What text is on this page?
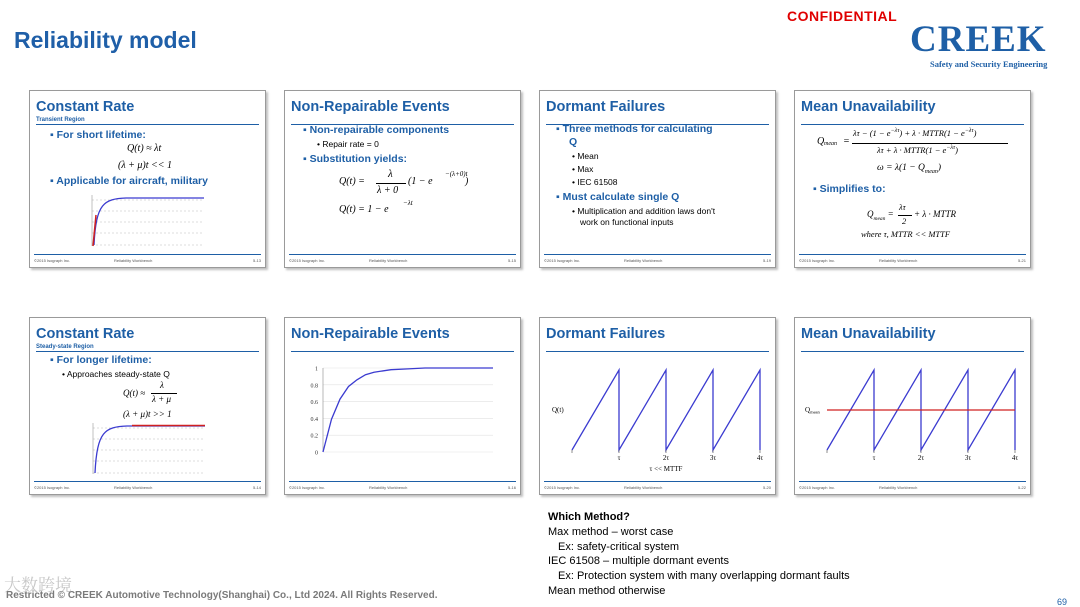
Reliability model
CONFIDENTIAL
CREEK
Safety and Security Engineering
Constant Rate
Transient Region
▪ For short lifetime:
Q(t) ≈ λt
(λ + μ)t << 1
▪ Applicable for aircraft, military
©2015 Isograph Inc.	Reliability Workbench	5-13
Non-Repairable Events
▪ Non-repairable components
• Repair rate = 0
▪ Substitution yields:
Q(t) =
λ
λ + 0
(1 − e
−(λ+0)t
)
Q(t) = 1 − e
−λt
©2015 Isograph Inc.	Reliability Workbench	5-15
Dormant Failures
▪ Three methods for calculating
Q
• Mean
• Max
• IEC 61508
▪ Must calculate single Q
• Multiplication and addition laws don't
work on functional inputs
©2015 Isograph Inc.	Reliability Workbench	5-19
Mean Unavailability
Q mean =
$\lambda\tau - (1 - e^{-\lambda\tau}) + \lambda$ · MTTR(1 − $e^{-\lambda\tau}$)
λτ + λ · MTTR(1 − $e^{-\lambda\tau}$)
$\omega = \lambda(1 - Q_{mean})$
▪ Simplifies to:
$Q_{mean}$ =
λτ
2
+ λ · MTTR
where τ, MTTR << MTTF
©2015 Isograph Inc.	Reliability Workbench	5-21
Constant Rate
Steady-state Region
▪ For longer lifetime:
• Approaches steady-state Q
Q(t) ≈
λ
λ + μ
(λ + μ)t >> 1
©2015 Isograph Inc.	Reliability Workbench	5-14
Non-Repairable Events
0
0.2
0.4
0.6
0.8
1
©2015 Isograph Inc.	Reliability Workbench	5-16
Dormant Failures
τ	2τ	3τ	4τ
τ << MTTF
Q(t)
©2015 Isograph Inc.	Reliability Workbench	5-20
Mean Unavailability
τ	2τ	3τ	4τ
$Q_{mean}$
©2015 Isograph Inc.	Reliability Workbench	5-22
Which Method?
Max method – worst case
Ex: safety-critical system
IEC 61508 – multiple dormant events
Ex: Protection system with many overlapping dormant faults
Mean method otherwise
Restricted © CREEK Automotive Technology(Shanghai) Co., Ltd 2024. All Rights Reserved.
大数跨境
69
